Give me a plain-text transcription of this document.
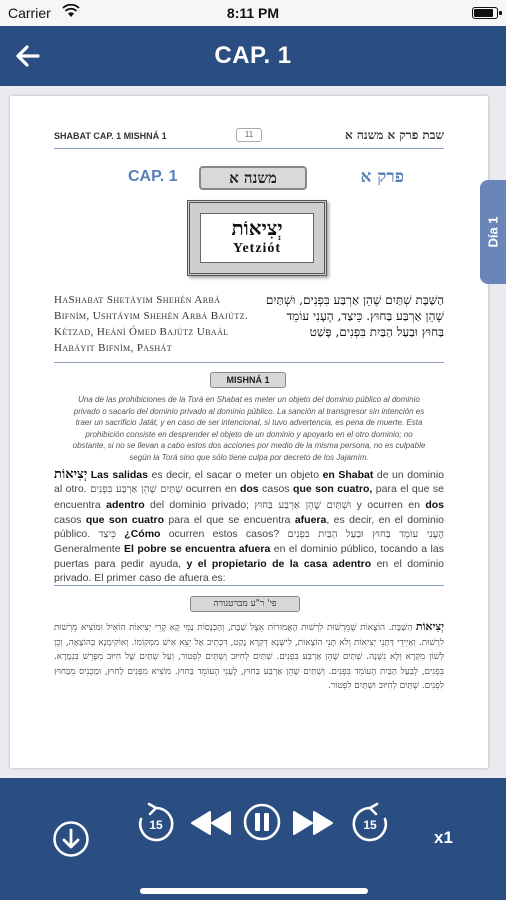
Carrier	8:11 PM
CAP. 1
SHABAT CAP. 1 MISHNÁ 1	11	שבת פרק א משנה א
CAP. 1	משנה א	פרק א
יְצִיאוֹת
Yetziót
HaShabat Shetáyim Shehén Arbá Bifním, Ushtáyim Shehén Arbá Bajútz. Kétzad, Heání Ómed Bajútz Ubaál Habáyit Bifním, Pashát
הַשַּׁבָּת שְׁתַּיִם שֶׁהֵן אַרְבַּע בִּפְנִים, וּשְׁתַּיִם שֶׁהֵן אַרְבַּע בַּחוּץ. כֵּיצַד, הֶעָנִי עוֹמֵד בַּחוּץ וּבַעַל הַבַּיִת בִּפְנִים, פָּשַׁט
MISHNÁ 1
Una de las prohibiciones de la Torá en Shabat es meter un objeto del dominio público al dominio privado o sacarlo del dominio privado al dominio público. La sanción al transgresor sin intención es traer un sacrificio Jatát, y en caso de ser intencional, si tuvo advertencia, es pena de muerte. Esta prohibición consiste en desprender el objeto de un dominio y apoyarlo en el otro dominio; no obstante, si no se llevan a cabo estos dos acciones por medio de la misma persona, no es culpable según la Torá sino que sólo tiene culpa por decreto de los Jajamím.
יְצִיאוֹת Las salidas es decir, el sacar o meter un objeto en Shabat de un dominio al otro. שְׁתַּיִם שֶׁהֵן אַרְבַּע בִּפְנִים ocurren en dos casos que son cuatro, para el que se encuentra adentro del dominio privado; וּשְׁתַּיִם שֶׁהֵן אַרְבַּע בַּחוּץ y ocurren en dos casos que son cuatro para el que se encuentra afuera, es decir, en el dominio público. כֵּיצַד ¿Cómo ocurren estos casos? הֶעָנִי עוֹמֵד בַּחוּץ וּבַעַל הַבַּיִת בִּפְנִים Generalmente El pobre se encuentra afuera en el dominio público, tocando a las puertas para pedir ayuda, y el propietario de la casa adentro en el dominio privado. El primer caso de afuera es:
פי' ר"ע מברטנורה
יְצִיאוֹת הַשַּׁבָּת. הוֹצָאוֹת שֶׁמֵּרְשׁוּת לִרְשׁוּת הָאֲמוּרוֹת אֵצֶל שַׁבָּת, וְהַכְנָסוֹת נַמֵּי קָא קָרֵי יְצִיאוֹת הוֹאִיל וּמוֹצִיא מֵרְשׁוּת לִרְשׁוּת. וְאַיְידֵי דְּתָנֵי יְצִיאוֹת וְלֹא תָּנֵי הוֹצָאוֹת, לִישָּׁנָא דְּקְרָא נָקַט, דִּכְתִיב אַל יֵצֵא אִישׁ מִמְּקוֹמוֹ. וְאוֹקִימְנָא בְּהוֹצָאָה, וְכֵן לְשׁוֹן מִקְרָא וְלָא נִשְׁנָה. שְׁתַּיִם שֶׁהֵן אַרְבַּע בִּפְנִים. שְׁתַּיִם לְחִיּוּב וְשְׁתַּיִם לִפְטוֹר, וְעַל שְׁתַּיִם שֶׁל חִיּוּב מִפָּרֵשׁ בִּגְמָרָא. בִּפְנִים, לְבַעַל הַבַּיִת הָעוֹמֵד בִּפְנִים. וְשְׁתַּיִם שֶׁהֵן אַרְבַּע בַּחוּץ, לֶעָנִי הָעוֹמֵד בַּחוּץ. מוֹצִיא מִפָּנִים לַחוּץ, וּמַכְנִיס מִבַּחוּץ לִפְנִים. שְׁתַּיִם לְחִיּוּב וּשְׁתַּיִם לִפְטוֹר.
Día 1
15	15
x1
